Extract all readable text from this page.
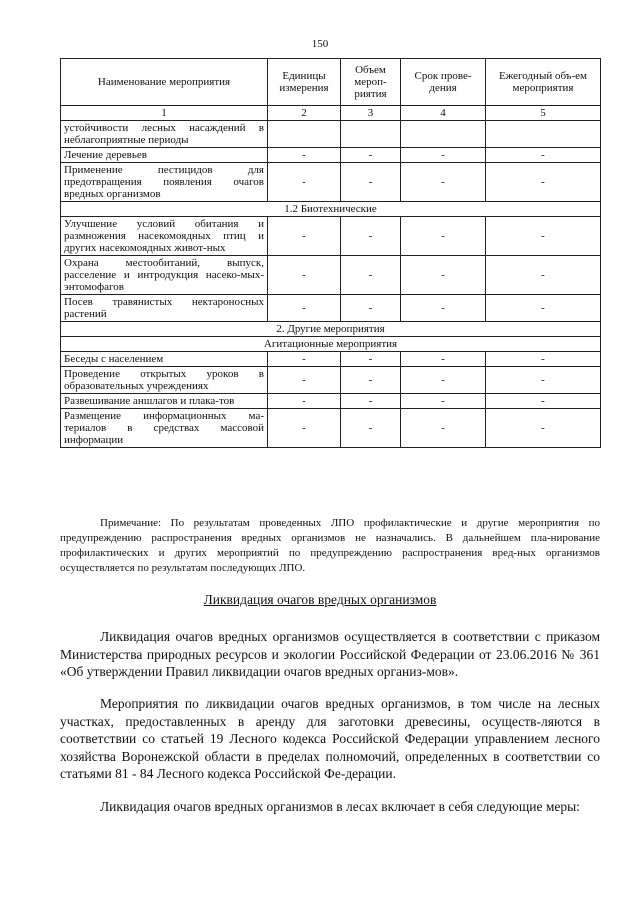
150
Наименование мероприятия	Единицы измерения	Объем мероп-риятия	Срок прове-дения	Ежегодный объ-ем мероприятия
1	2	3	4	5
устойчивости лесных насаждений в неблагоприятные периоды				
Лечение деревьев	-	-	-	-
Применение пестицидов для предотвращения появления очагов вредных организмов	-	-	-	-
1.2 Биотехнические				
Улучшение условий обитания и размножения насекомоядных птиц и других насекомоядных живот-ных	-	-	-	-
Охрана местообитаний, выпуск, расселение и интродукция насеко-мых-энтомофагов	-	-	-	-
Посев травянистых нектароносных растений	-	-	-	-
2. Другие мероприятия				
Агитационные мероприятия				
Беседы с населением	-	-	-	-
Проведение открытых уроков в образовательных учреждениях	-	-	-	-
Развешивание аншлагов и плака-тов	-	-	-	-
Размещение информационных ма-териалов в средствах массовой информации	-	-	-	-

Примечание: По результатам проведенных ЛПО профилактические и другие мероприятия по предупреждению распространения вредных организмов не назначались. В дальнейшем пла-нирование профилактических и других мероприятий по предупреждению распространения вред-ных организмов осуществляется по результатам последующих ЛПО.

Ликвидация очагов вредных организмов

Ликвидация очагов вредных организмов осуществляется в соответствии с приказом Министерства природных ресурсов и экологии Российской Федерации от 23.06.2016 № 361 «Об утверждении Правил ликвидации очагов вредных организ-мов».

Мероприятия по ликвидации очагов вредных организмов, в том числе на лесных участках, предоставленных в аренду для заготовки древесины, осуществ-ляются в соответствии со статьей 19 Лесного кодекса Российской Федерации управлением лесного хозяйства Воронежской области в пределах полномочий, определенных в соответствии со статьями 81 - 84 Лесного кодекса Российской Фе-дерации.

Ликвидация очагов вредных организмов в лесах включает в себя следующие меры:
